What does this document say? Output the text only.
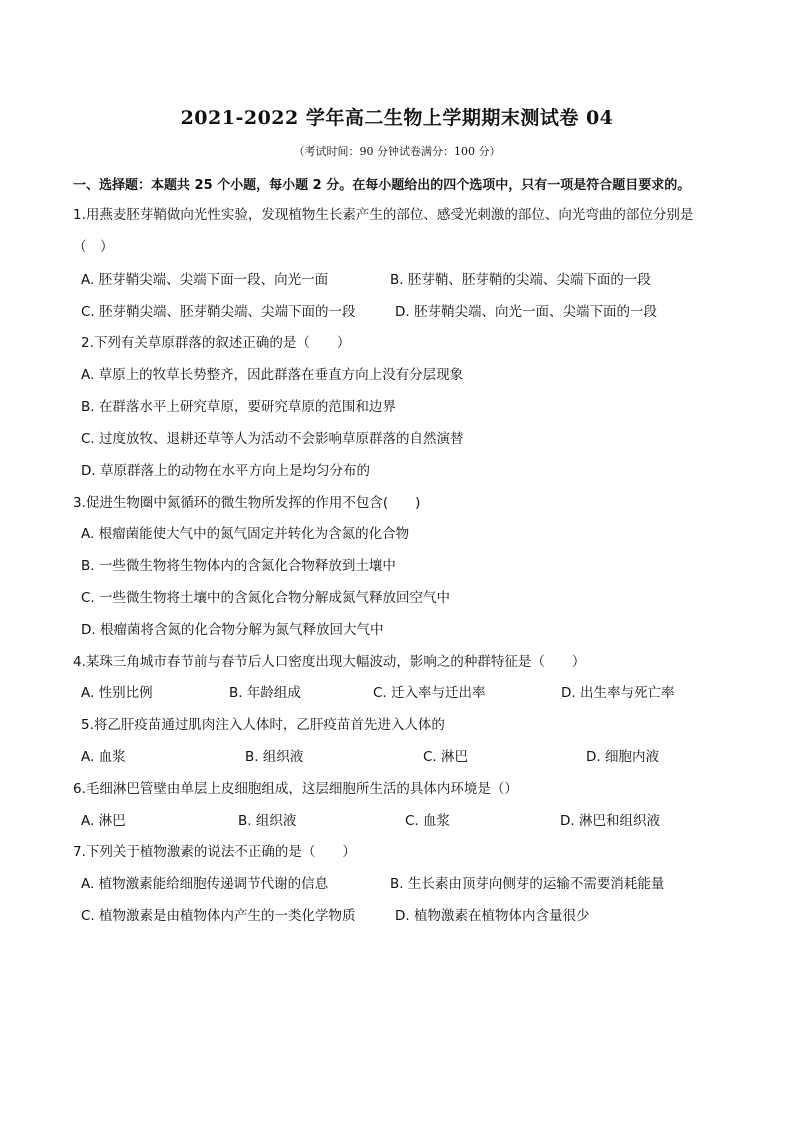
2021-2022 学年高二生物上学期期末测试卷 04
（考试时间：90 分钟试卷满分：100 分）
一、选择题：本题共 25 个小题，每小题 2 分。在每小题给出的四个选项中，只有一项是符合题目要求的。
1.用燕麦胚芽鞘做向光性实验，发现植物生长素产生的部位、感受光刺激的部位、向光弯曲的部位分别是
（　）
A. 胚芽鞘尖端、尖端下面一段、向光一面	B. 胚芽鞘、胚芽鞘的尖端、尖端下面的一段
C. 胚芽鞘尖端、胚芽鞘尖端、尖端下面的一段	D. 胚芽鞘尖端、向光一面、尖端下面的一段
2.下列有关草原群落的叙述正确的是（　　）
A. 草原上的牧草长势整齐，因此群落在垂直方向上没有分层现象
B. 在群落水平上研究草原，要研究草原的范围和边界
C. 过度放牧、退耕还草等人为活动不会影响草原群落的自然演替
D. 草原群落上的动物在水平方向上是均匀分布的
3.促进生物圈中氮循环的微生物所发挥的作用不包含(　　)
A. 根瘤菌能使大气中的氮气固定并转化为含氮的化合物
B. 一些微生物将生物体内的含氮化合物释放到土壤中
C. 一些微生物将土壤中的含氮化合物分解成氮气释放回空气中
D. 根瘤菌将含氮的化合物分解为氮气释放回大气中
4.某珠三角城市春节前与春节后人口密度出现大幅波动，影响之的种群特征是（　　）
A. 性别比例	B. 年龄组成	C. 迁入率与迁出率	D. 出生率与死亡率
5.将乙肝疫苗通过肌肉注入人体时，乙肝疫苗首先进入人体的
A. 血浆	B. 组织液	C. 淋巴	D. 细胞内液
6.毛细淋巴管壁由单层上皮细胞组成，这层细胞所生活的具体内环境是（）
A. 淋巴	B. 组织液	C. 血浆	D. 淋巴和组织液
7.下列关于植物激素的说法不正确的是（　　）
A. 植物激素能给细胞传递调节代谢的信息	B. 生长素由顶芽向侧芽的运输不需要消耗能量
C. 植物激素是由植物体内产生的一类化学物质	D. 植物激素在植物体内含量很少
